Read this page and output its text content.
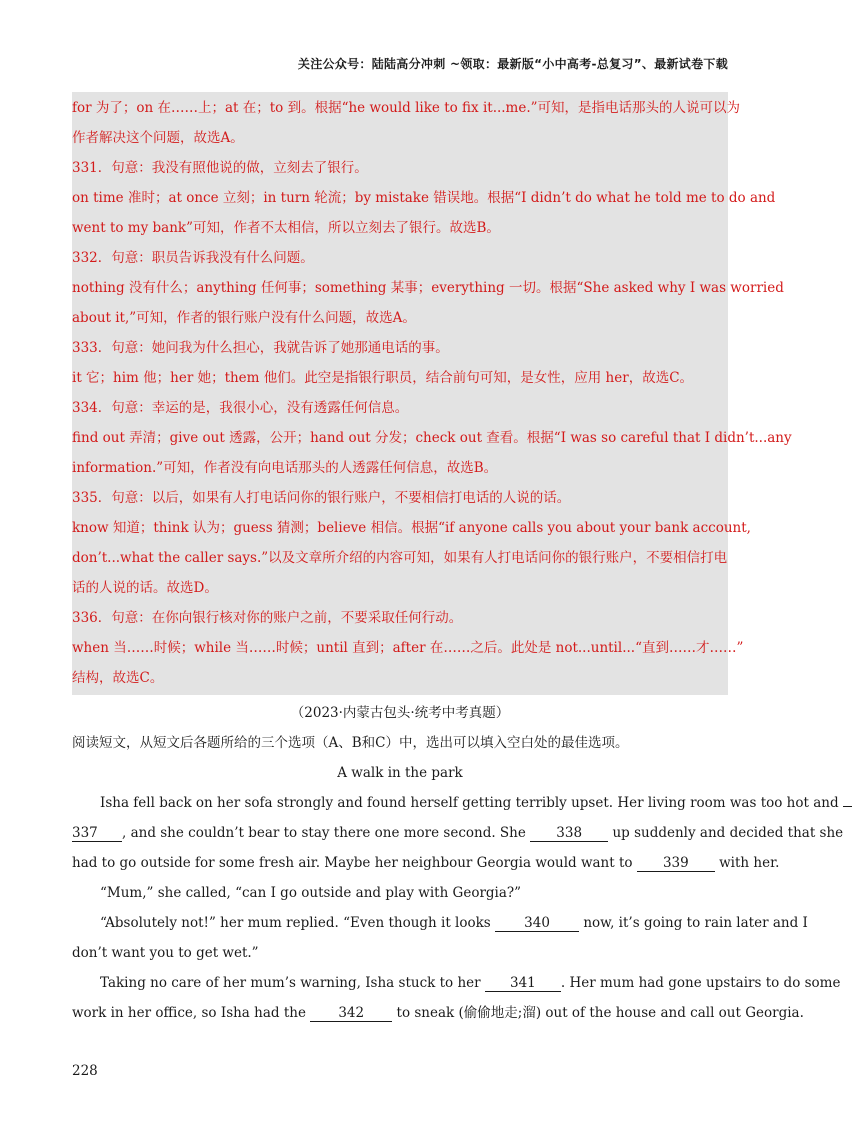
关注公众号：陆陆高分冲刺 ~领取：最新版“小中高考-总复习”、最新试卷下载
for 为了；on 在……上；at 在；to 到。根据“he would like to fix it...me.”可知，是指电话那头的人说可以为
作者解决这个问题，故选A。
331．句意：我没有照他说的做，立刻去了银行。
on time 准时；at once 立刻；in turn 轮流；by mistake 错误地。根据“I didn’t do what he told me to do and
went to my bank”可知，作者不太相信，所以立刻去了银行。故选B。
332．句意：职员告诉我没有什么问题。
nothing 没有什么；anything 任何事；something 某事；everything 一切。根据“She asked why I was worried
about it,”可知，作者的银行账户没有什么问题，故选A。
333．句意：她问我为什么担心，我就告诉了她那通电话的事。
it 它；him 他；her 她；them 他们。此空是指银行职员，结合前句可知，是女性，应用 her，故选C。
334．句意：幸运的是，我很小心，没有透露任何信息。
find out 弄清；give out 透露，公开；hand out 分发；check out 查看。根据“I was so careful that I didn’t...any
information.”可知，作者没有向电话那头的人透露任何信息，故选B。
335．句意：以后，如果有人打电话问你的银行账户，不要相信打电话的人说的话。
know 知道；think 认为；guess 猜测；believe 相信。根据“if anyone calls you about your bank account,
don’t...what the caller says.”以及文章所介绍的内容可知，如果有人打电话问你的银行账户，不要相信打电
话的人说的话。故选D。
336．句意：在你向银行核对你的账户之前，不要采取任何行动。
when 当……时候；while 当……时候；until 直到；after 在……之后。此处是 not...until...“直到……才……”
结构，故选C。
（2023·内蒙古包头·统考中考真题）
阅读短文，从短文后各题所给的三个选项（A、B和C）中，选出可以填入空白处的最佳选项。
A walk in the park
Isha fell back on her sofa strongly and found herself getting terribly upset. Her living room was too hot and
337 , and she couldn’t bear to stay there one more second. She 338 up suddenly and decided that she
had to go outside for some fresh air. Maybe her neighbour Georgia would want to 339 with her.
“Mum,” she called, “can I go outside and play with Georgia?”
“Absolutely not!” her mum replied. “Even though it looks 340 now, it’s going to rain later and I
don’t want you to get wet.”
Taking no care of her mum’s warning, Isha stuck to her 341 . Her mum had gone upstairs to do some
work in her office, so Isha had the 342 to sneak (偷偷地走;溜) out of the house and call out Georgia.
228
